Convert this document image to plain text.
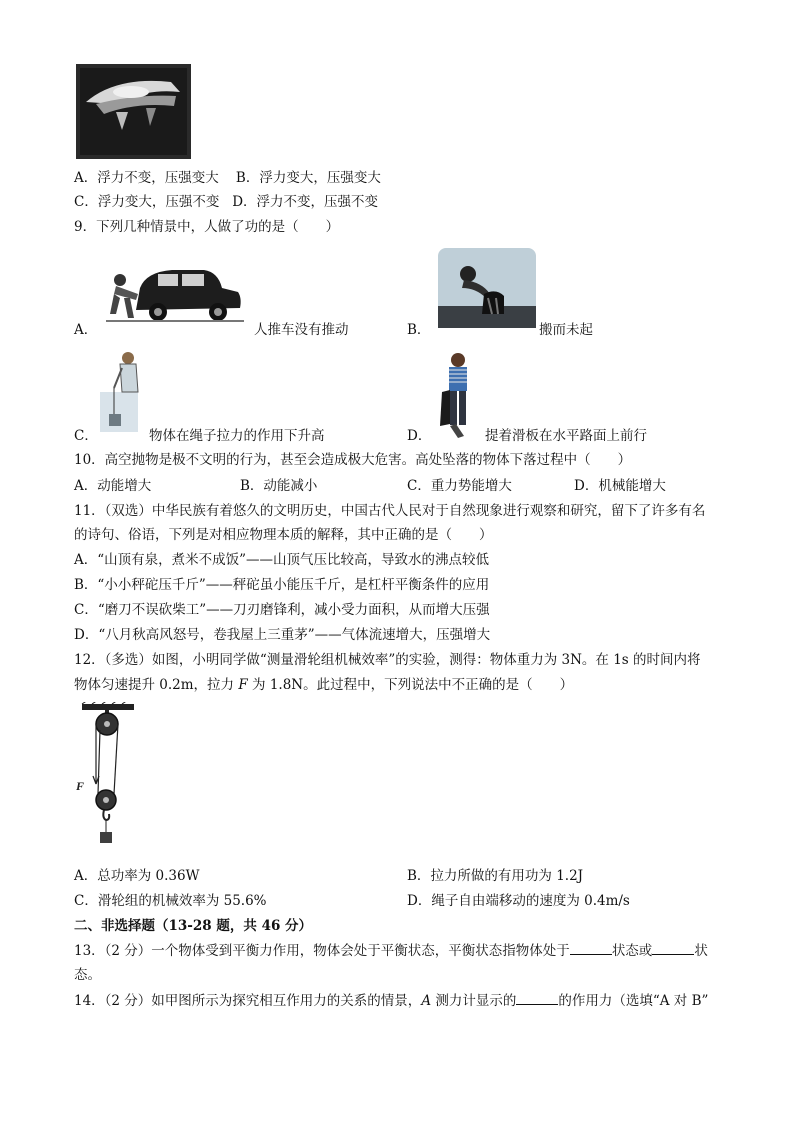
A．浮力不变，压强变大 B．浮力变大，压强变大
C．浮力变大，压强不变 D．浮力不变，压强不变
9．下列几种情景中，人做了功的是（　　）
A．	人推车没有推动	B．	搬而未起
C．	物体在绳子拉力的作用下升高	D．	提着滑板在水平路面上前行
10．高空抛物是极不文明的行为，甚至会造成极大危害。高处坠落的物体下落过程中（　　）
A．动能增大	B．动能减小	C．重力势能增大	D．机械能增大
11．（双选）中华民族有着悠久的文明历史，中国古代人民对于自然现象进行观察和研究，留下了许多有名
的诗句、俗语，下列是对相应物理本质的解释，其中正确的是（　　）
A．“山顶有泉，煮米不成饭”——山顶气压比较高，导致水的沸点较低
B．“小小秤砣压千斤”——秤砣虽小能压千斤，是杠杆平衡条件的应用
C．“磨刀不误砍柴工”——刀刃磨锋利，减小受力面积，从而增大压强
D．“八月秋高风怒号，卷我屋上三重茅”——气体流速增大，压强增大
12．（多选）如图，小明同学做“测量滑轮组机械效率”的实验，测得：物体重力为 3N。在 1s 的时间内将
物体匀速提升 0.2m，拉力 F 为 1.8N。此过程中，下列说法中不正确的是（　　）
F
A．总功率为 0.36W	B．拉力所做的有用功为 1.2J
C．滑轮组的机械效率为 55.6%	D．绳子自由端移动的速度为 0.4m/s
二、非选择题（13-28 题，共 46 分）
13．（2 分）一个物体受到平衡力作用，物体会处于平衡状态，平衡状态指物体处于	状态或	状
态。
14．（2 分）如甲图所示为探究相互作用力的关系的情景，A 测力计显示的	的作用力（选填“A 对 B”
